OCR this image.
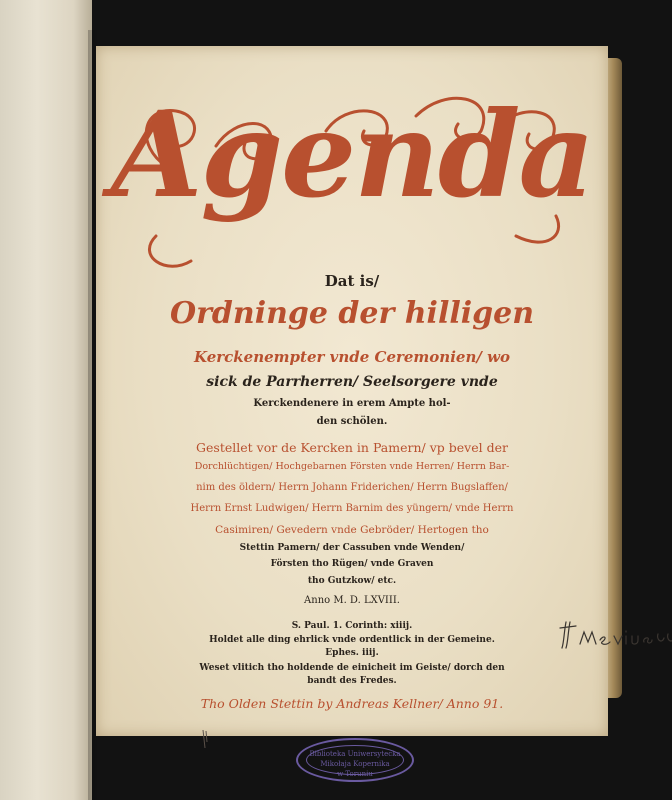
Agenda
Dat is/
Ordninge der hilligen
Kerckenempter vnde Ceremonien/ wo
sick de Parrherren/ Seelsorgere vnde
Kerckendenere in erem Ampte hol-
den schölen.
Gestellet vor de Kercken in Pamern/ vp bevel der
Dorchlüchtigen/ Hochgebarnen Försten vnde Herren/ Herrn Bar-
nim des öldern/ Herrn Johann Friderichen/ Herrn Bugslaffen/
Herrn Ernst Ludwigen/ Herrn Barnim des yüngern/ vnde Herrn
Casimiren/ Gevedern vnde Gebröder/ Hertogen tho
Stettin Pamern/ der Cassuben vnde Wenden/
Försten tho Rügen/ vnde Graven
tho Gutzkow/ etc.
Anno M. D. LXVIII.
S. Paul. 1. Corinth: xiiij.
Holdet alle ding ehrlick vnde ordentlick in der Gemeine.
Ephes. iiij.
Weset vlitich tho holdende de einicheit im Geiste/ dorch den
bandt des Fredes.
Tho Olden Stettin by Andreas Kellner/ Anno 91.
Biblioteka Uniwersytecka
Mikołaja Kopernika
w Toruniu
